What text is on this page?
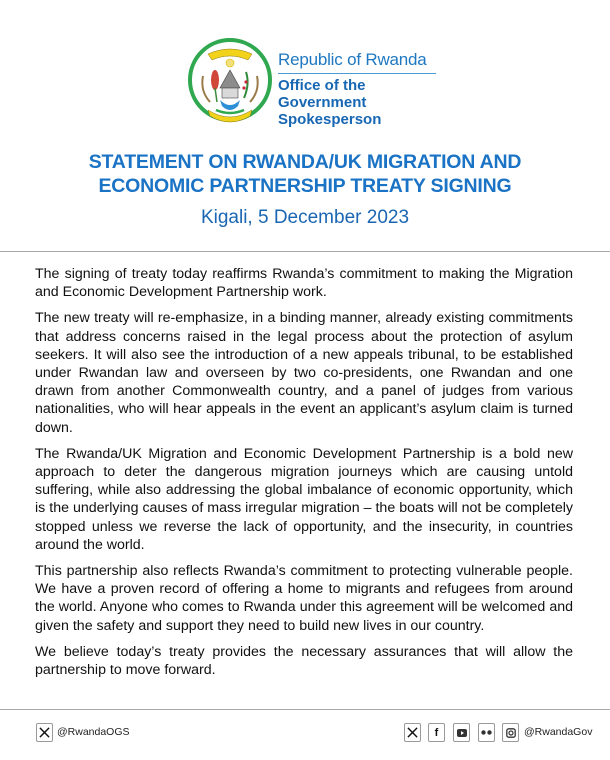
Republic of Rwanda
Office of the Government
Spokesperson
STATEMENT ON RWANDA/UK MIGRATION AND
ECONOMIC PARTNERSHIP TREATY SIGNING
Kigali, 5 December 2023

The signing of treaty today reaffirms Rwanda’s commitment to making the Migration and Economic Development Partnership work.

The new treaty will re-emphasize, in a binding manner, already existing commitments that address concerns raised in the legal process about the protection of asylum seekers. It will also see the introduction of a new appeals tribunal, to be established under Rwandan law and overseen by two co-presidents, one Rwandan and one drawn from another Commonwealth country, and a panel of judges from various nationalities, who will hear appeals in the event an applicant’s asylum claim is turned down.

The Rwanda/UK Migration and Economic Development Partnership is a bold new approach to deter the dangerous migration journeys which are causing untold suffering, while also addressing the global imbalance of economic opportunity, which is the underlying causes of mass irregular migration – the boats will not be completely stopped unless we reverse the lack of opportunity, and the insecurity, in countries around the world.

This partnership also reflects Rwanda’s commitment to protecting vulnerable people. We have a proven record of offering a home to migrants and refugees from around the world. Anyone who comes to Rwanda under this agreement will be welcomed and given the safety and support they need to build new lives in our country.

We believe today’s treaty provides the necessary assurances that will allow the partnership to move forward.

@RwandaOGS	f	@RwandaGov
